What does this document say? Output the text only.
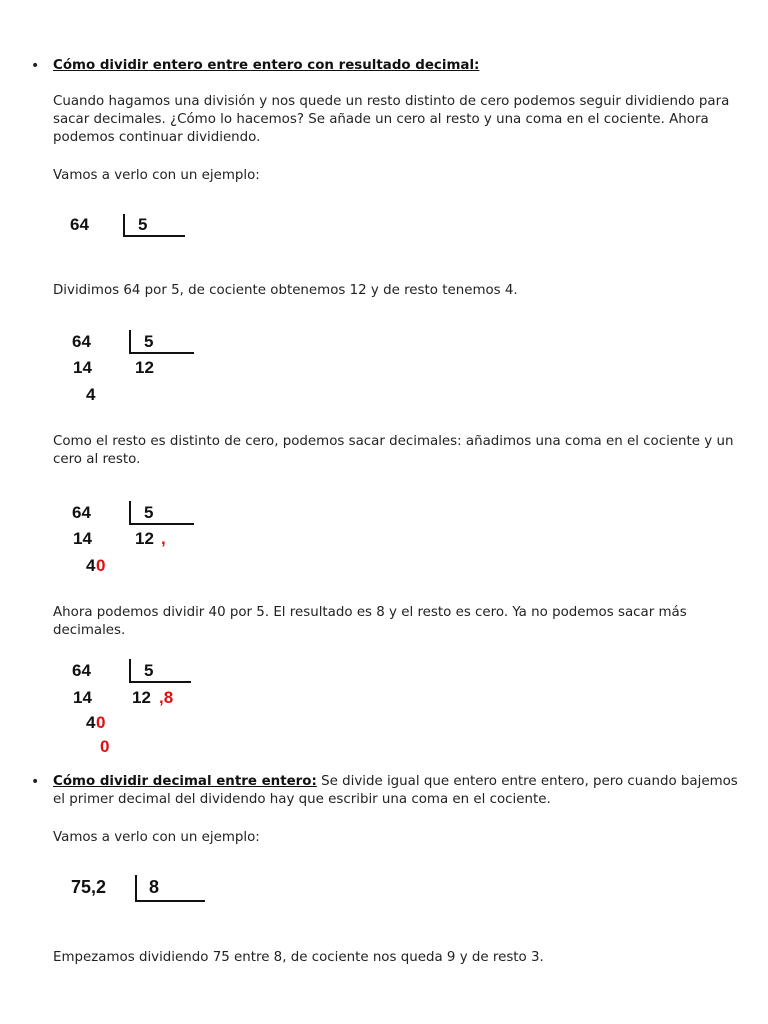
• Cómo dividir entero entre entero con resultado decimal:
Cuando hagamos una división y nos quede un resto distinto de cero podemos seguir dividiendo para sacar decimales. ¿Cómo lo hacemos? Se añade un cero al resto y una coma en el cociente. Ahora podemos continuar dividiendo.
Vamos a verlo con un ejemplo:
64	5
Dividimos 64 por 5, de cociente obtenemos 12 y de resto tenemos 4.
64	5
14	12
4
Como el resto es distinto de cero, podemos sacar decimales: añadimos una coma en el cociente y un cero al resto.
64	5
14	12 ,
4 0
Ahora podemos dividir 40 por 5. El resultado es 8 y el resto es cero. Ya no podemos sacar más decimales.
64	5
14 12 ,8
4 0
0
• Cómo dividir decimal entre entero: Se divide igual que entero entre entero, pero cuando bajemos el primer decimal del dividendo hay que escribir una coma en el cociente.
Vamos a verlo con un ejemplo:
75,2 8
Empezamos dividiendo 75 entre 8, de cociente nos queda 9 y de resto 3.
